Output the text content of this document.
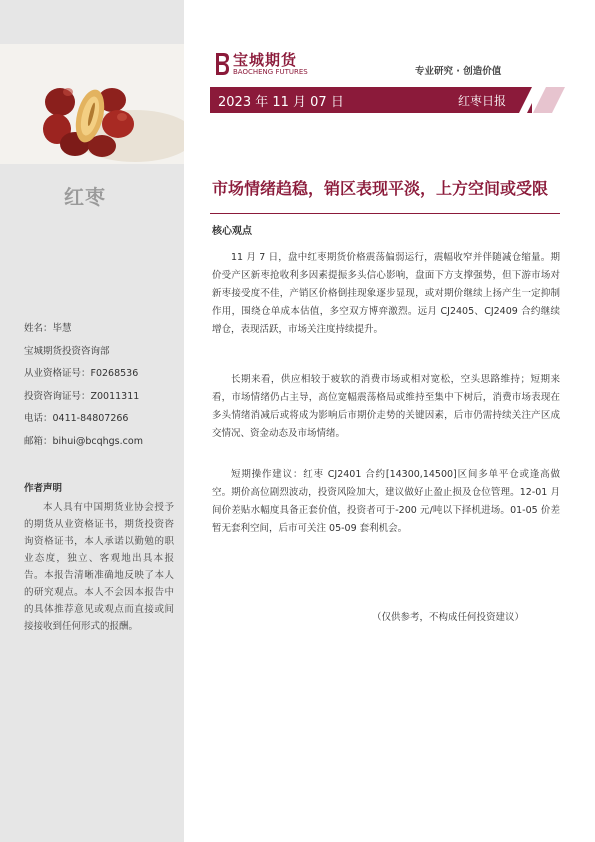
红枣
姓名：毕慧
宝城期货投资咨询部
从业资格证号：F0268536
投资咨询证号：Z0011311
电话：0411-84807266
邮箱：bihui@bcqhgs.com
作者声明
本人具有中国期货业协会授予的期货从业资格证书，期货投资咨询资格证书，本人承诺以勤勉的职业态度，独立、客观地出具本报告。本报告清晰准确地反映了本人的研究观点。本人不会因本报告中的具体推荐意见或观点而直接或间接接收到任何形式的报酬。
宝城期货
BAOCHENG FUTURES	专业研究 · 创造价值
2023 年 11 月 07 日	红枣日报
市场情绪趋稳，销区表现平淡，上方空间或受限
核心观点
11 月 7 日，盘中红枣期货价格震荡偏弱运行，震幅收窄并伴随减仓缩量。期价受产区新枣抢收利多因素提振多头信心影响，盘面下方支撑强势，但下游市场对新枣接受度不佳，产销区价格倒挂现象逐步显现，或对期价继续上扬产生一定抑制作用，围绕仓单成本估值，多空双方博弈激烈。远月 CJ2405、CJ2409 合约继续增仓，表现活跃，市场关注度持续提升。
长期来看，供应相较于疲软的消费市场或相对宽松，空头思路维持；短期来看，市场情绪仍占主导，高位宽幅震荡格局或维持至集中下树后，消费市场表现在多头情绪消减后或将成为影响后市期价走势的关键因素，后市仍需持续关注产区成交情况、资金动态及市场情绪。
短期操作建议：红枣 CJ2401 合约[14300,14500]区间多单平仓或逢高做空。期价高位剧烈波动，投资风险加大，建议做好止盈止损及仓位管理。12-01 月间价差贴水幅度具备正套价值，投资者可于-200 元/吨以下择机进场。01-05 价差暂无套利空间，后市可关注 05-09 套利机会。
（仅供参考，不构成任何投资建议）
